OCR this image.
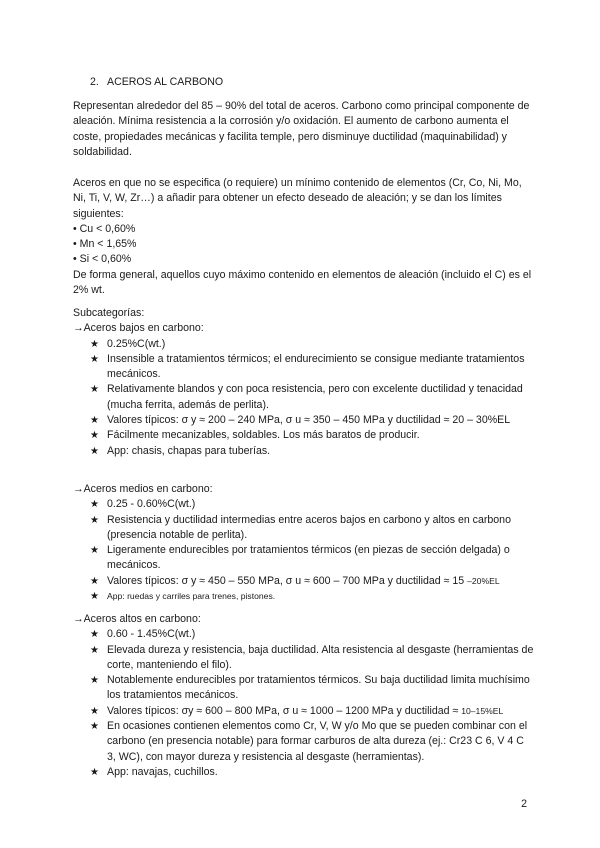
2. ACEROS AL CARBONO

Representan alrededor del 85 – 90% del total de aceros. Carbono como principal componente de aleación. Mínima resistencia a la corrosión y/o oxidación. El aumento de carbono aumenta el coste, propiedades mecánicas y facilita temple, pero disminuye ductilidad (maquinabilidad) y soldabilidad.

Aceros en que no se especifica (o requiere) un mínimo contenido de elementos (Cr, Co, Ni, Mo, Ni, Ti, V, W, Zr…) a añadir para obtener un efecto deseado de aleación; y se dan los límites siguientes:

• Cu < 0,60%

• Mn < 1,65%

• Si < 0,60%

De forma general, aquellos cuyo máximo contenido en elementos de aleación (incluido el C) es el 2% wt.

Subcategorías:

→Aceros bajos en carbono:

★ 0.25%C(wt.)
★ Insensible a tratamientos térmicos; el endurecimiento se consigue mediante tratamientos mecánicos.
★ Relativamente blandos y con poca resistencia, pero con excelente ductilidad y tenacidad (mucha ferrita, además de perlita).
★ Valores típicos: σ y ≈ 200 – 240 MPa, σ u ≈ 350 – 450 MPa y ductilidad ≈ 20 – 30%EL
★ Fácilmente mecanizables, soldables. Los más baratos de producir.
★ App: chasis, chapas para tuberías.

→Aceros medios en carbono:

★ 0.25 - 0.60%C(wt.)
★ Resistencia y ductilidad intermedias entre aceros bajos en carbono y altos en carbono (presencia notable de perlita).
★ Ligeramente endurecibles por tratamientos térmicos (en piezas de sección delgada) o mecánicos.
★ Valores típicos: σ y ≈ 450 – 550 MPa, σ u ≈ 600 – 700 MPa y ductilidad ≈ 15 –20%EL
★ App: ruedas y carriles para trenes, pistones.

→Aceros altos en carbono:

★ 0.60 - 1.45%C(wt.)
★ Elevada dureza y resistencia, baja ductilidad. Alta resistencia al desgaste (herramientas de corte, manteniendo el filo).
★ Notablemente endurecibles por tratamientos térmicos. Su baja ductilidad limita muchísimo los tratamientos mecánicos.
★ Valores típicos: σy ≈ 600 – 800 MPa, σ u ≈ 1000 – 1200 MPa y ductilidad ≈ 10–15%EL
★ En ocasiones contienen elementos como Cr, V, W y/o Mo que se pueden combinar con el carbono (en presencia notable) para formar carburos de alta dureza (ej.: Cr23 C 6, V 4 C 3, WC), con mayor dureza y resistencia al desgaste (herramientas).
★ App: navajas, cuchillos.
2
